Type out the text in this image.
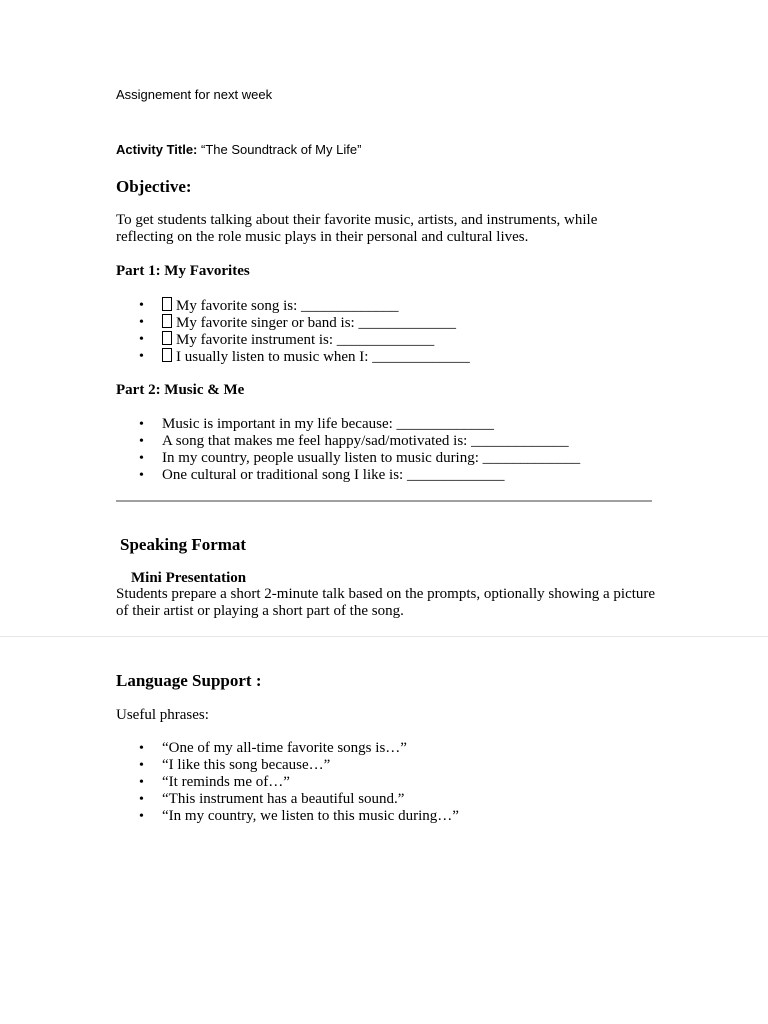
Assignement for next week

Activity Title: “The Soundtrack of My Life”

Objective:

To get students talking about their favorite music, artists, and instruments, while reflecting on the role music plays in their personal and cultural lives.

Part 1: My Favorites
• My favorite song is: _____________
• My favorite singer or band is: _____________
• My favorite instrument is: _____________
• I usually listen to music when I: _____________
Part 2: Music & Me
• Music is important in my life because: _____________
• A song that makes me feel happy/sad/motivated is: _____________
• In my country, people usually listen to music during: _____________
• One cultural or traditional song I like is: _____________
Speaking Format
Mini Presentation

Students prepare a short 2-minute talk based on the prompts, optionally showing a picture of their artist or playing a short part of the song.

Language Support :

Useful phrases:

• “One of my all-time favorite songs is…”
• “I like this song because…”
• “It reminds me of…”
• “This instrument has a beautiful sound.”
• “In my country, we listen to this music during…”
